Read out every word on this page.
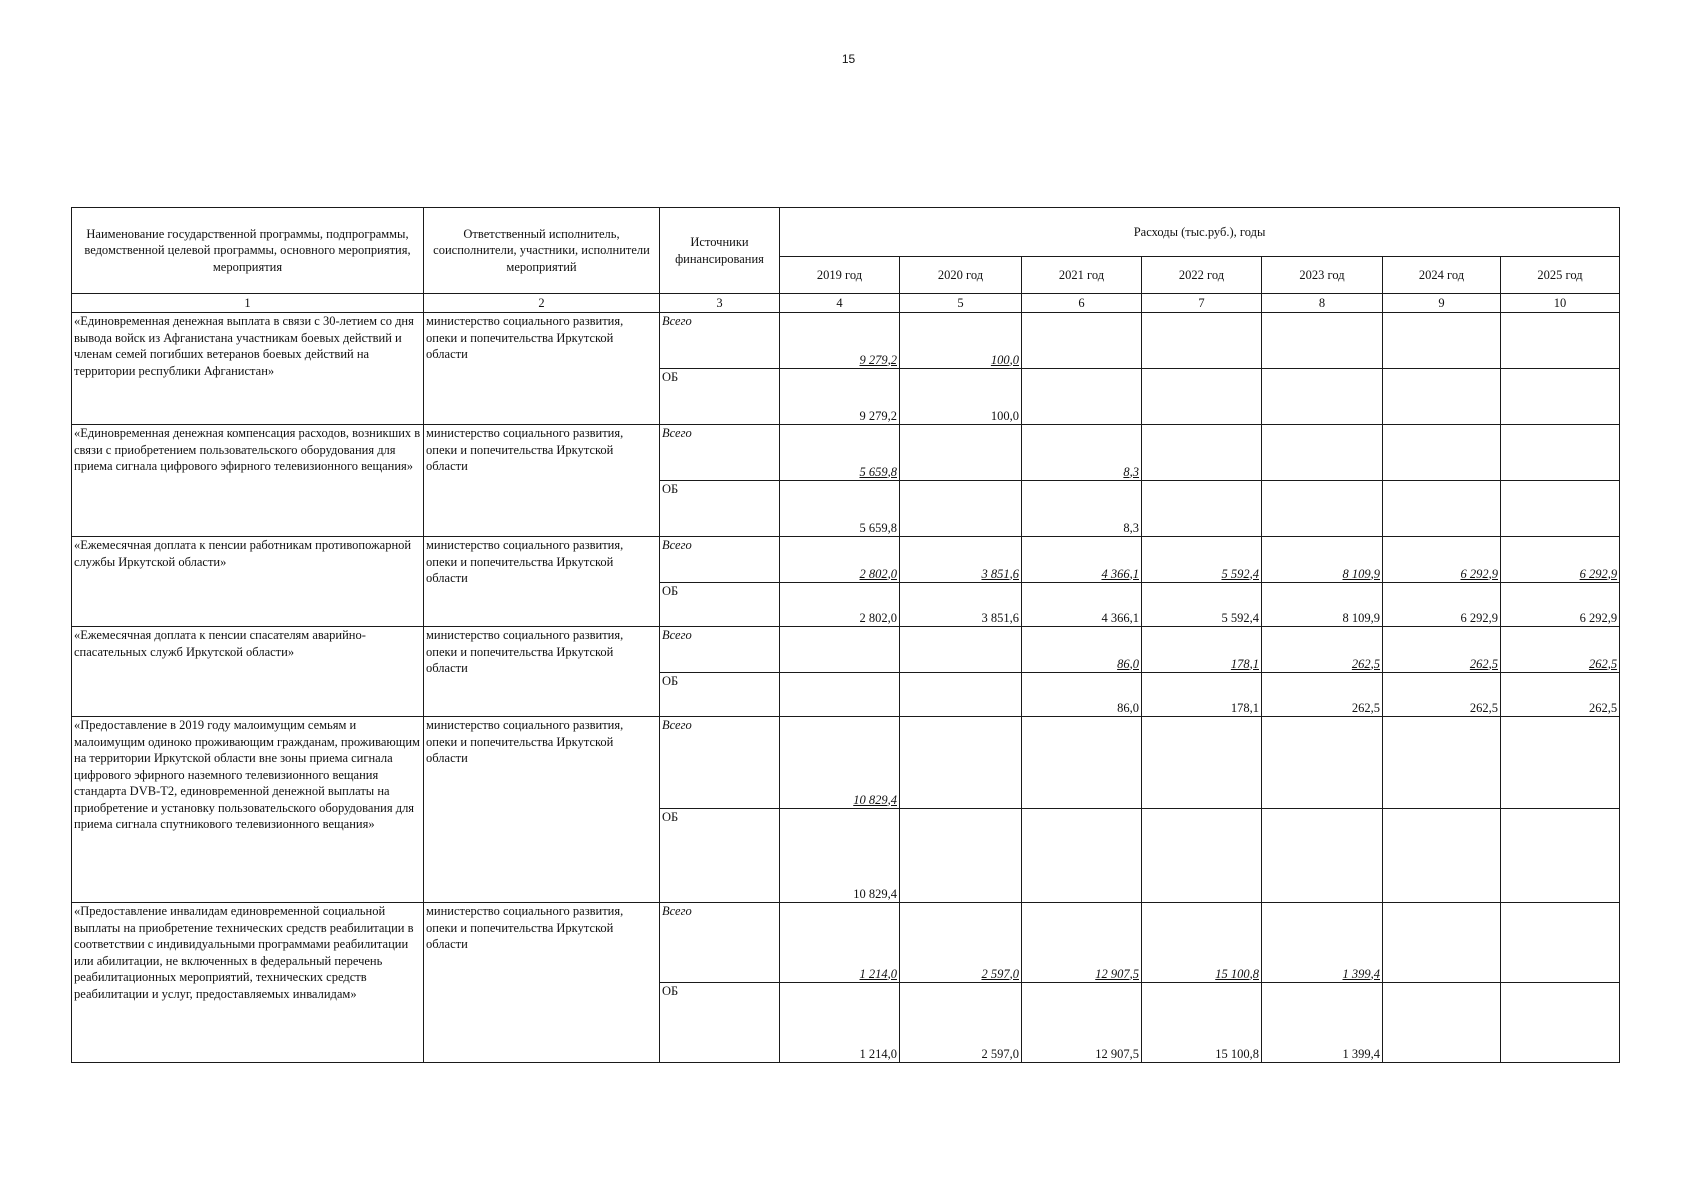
15
Наименование государственной программы, подпрограммы, ведомственной целевой программы, основного мероприятия, мероприятия	Ответственный исполнитель, соисполнители, участники, исполнители мероприятий	Источники финансирования	Расходы (тыс.руб.), годы						
			2019 год	2020 год	2021 год	2022 год	2023 год	2024 год	2025 год
1	2	3	4	5	6	7	8	9	10
«Единовременная денежная выплата в связи с 30-летием со дня вывода войск из Афганистана участникам боевых действий и членам семей погибших ветеранов боевых действий на территории республики Афганистан»	министерство социального развития, опеки и попечительства Иркутской области	Всего	9 279,2	100,0					
		ОБ	9 279,2	100,0					
«Единовременная денежная компенсация расходов, возникших в связи с приобретением пользовательского оборудования для приема сигнала цифрового эфирного телевизионного вещания»	министерство социального развития, опеки и попечительства Иркутской области	Всего	5 659,8		8,3				
		ОБ	5 659,8		8,3				
«Ежемесячная доплата к пенсии работникам противопожарной службы Иркутской области»	министерство социального развития, опеки и попечительства Иркутской области	Всего	2 802,0	3 851,6	4 366,1	5 592,4	8 109,9	6 292,9	6 292,9
		ОБ	2 802,0	3 851,6	4 366,1	5 592,4	8 109,9	6 292,9	6 292,9
«Ежемесячная доплата к пенсии спасателям аварийно-спасательных служб Иркутской области»	министерство социального развития, опеки и попечительства Иркутской области	Всего			86,0	178,1	262,5	262,5	262,5
		ОБ			86,0	178,1	262,5	262,5	262,5
«Предоставление в 2019 году малоимущим семьям и малоимущим одиноко проживающим гражданам, проживающим на территории Иркутской области вне зоны приема сигнала цифрового эфирного наземного телевизионного вещания стандарта DVB-T2, единовременной денежной выплаты на приобретение и установку пользовательского оборудования для приема сигнала спутникового телевизионного вещания»	министерство социального развития, опеки и попечительства Иркутской области	Всего	10 829,4						
		ОБ	10 829,4						
«Предоставление инвалидам единовременной социальной выплаты на приобретение технических средств реабилитации в соответствии с индивидуальными программами реабилитации или абилитации, не включенных в федеральный перечень реабилитационных мероприятий, технических средств реабилитации и услуг, предоставляемых инвалидам»	министерство социального развития, опеки и попечительства Иркутской области	Всего	1 214,0	2 597,0	12 907,5	15 100,8	1 399,4		
		ОБ	1 214,0	2 597,0	12 907,5	15 100,8	1 399,4		
